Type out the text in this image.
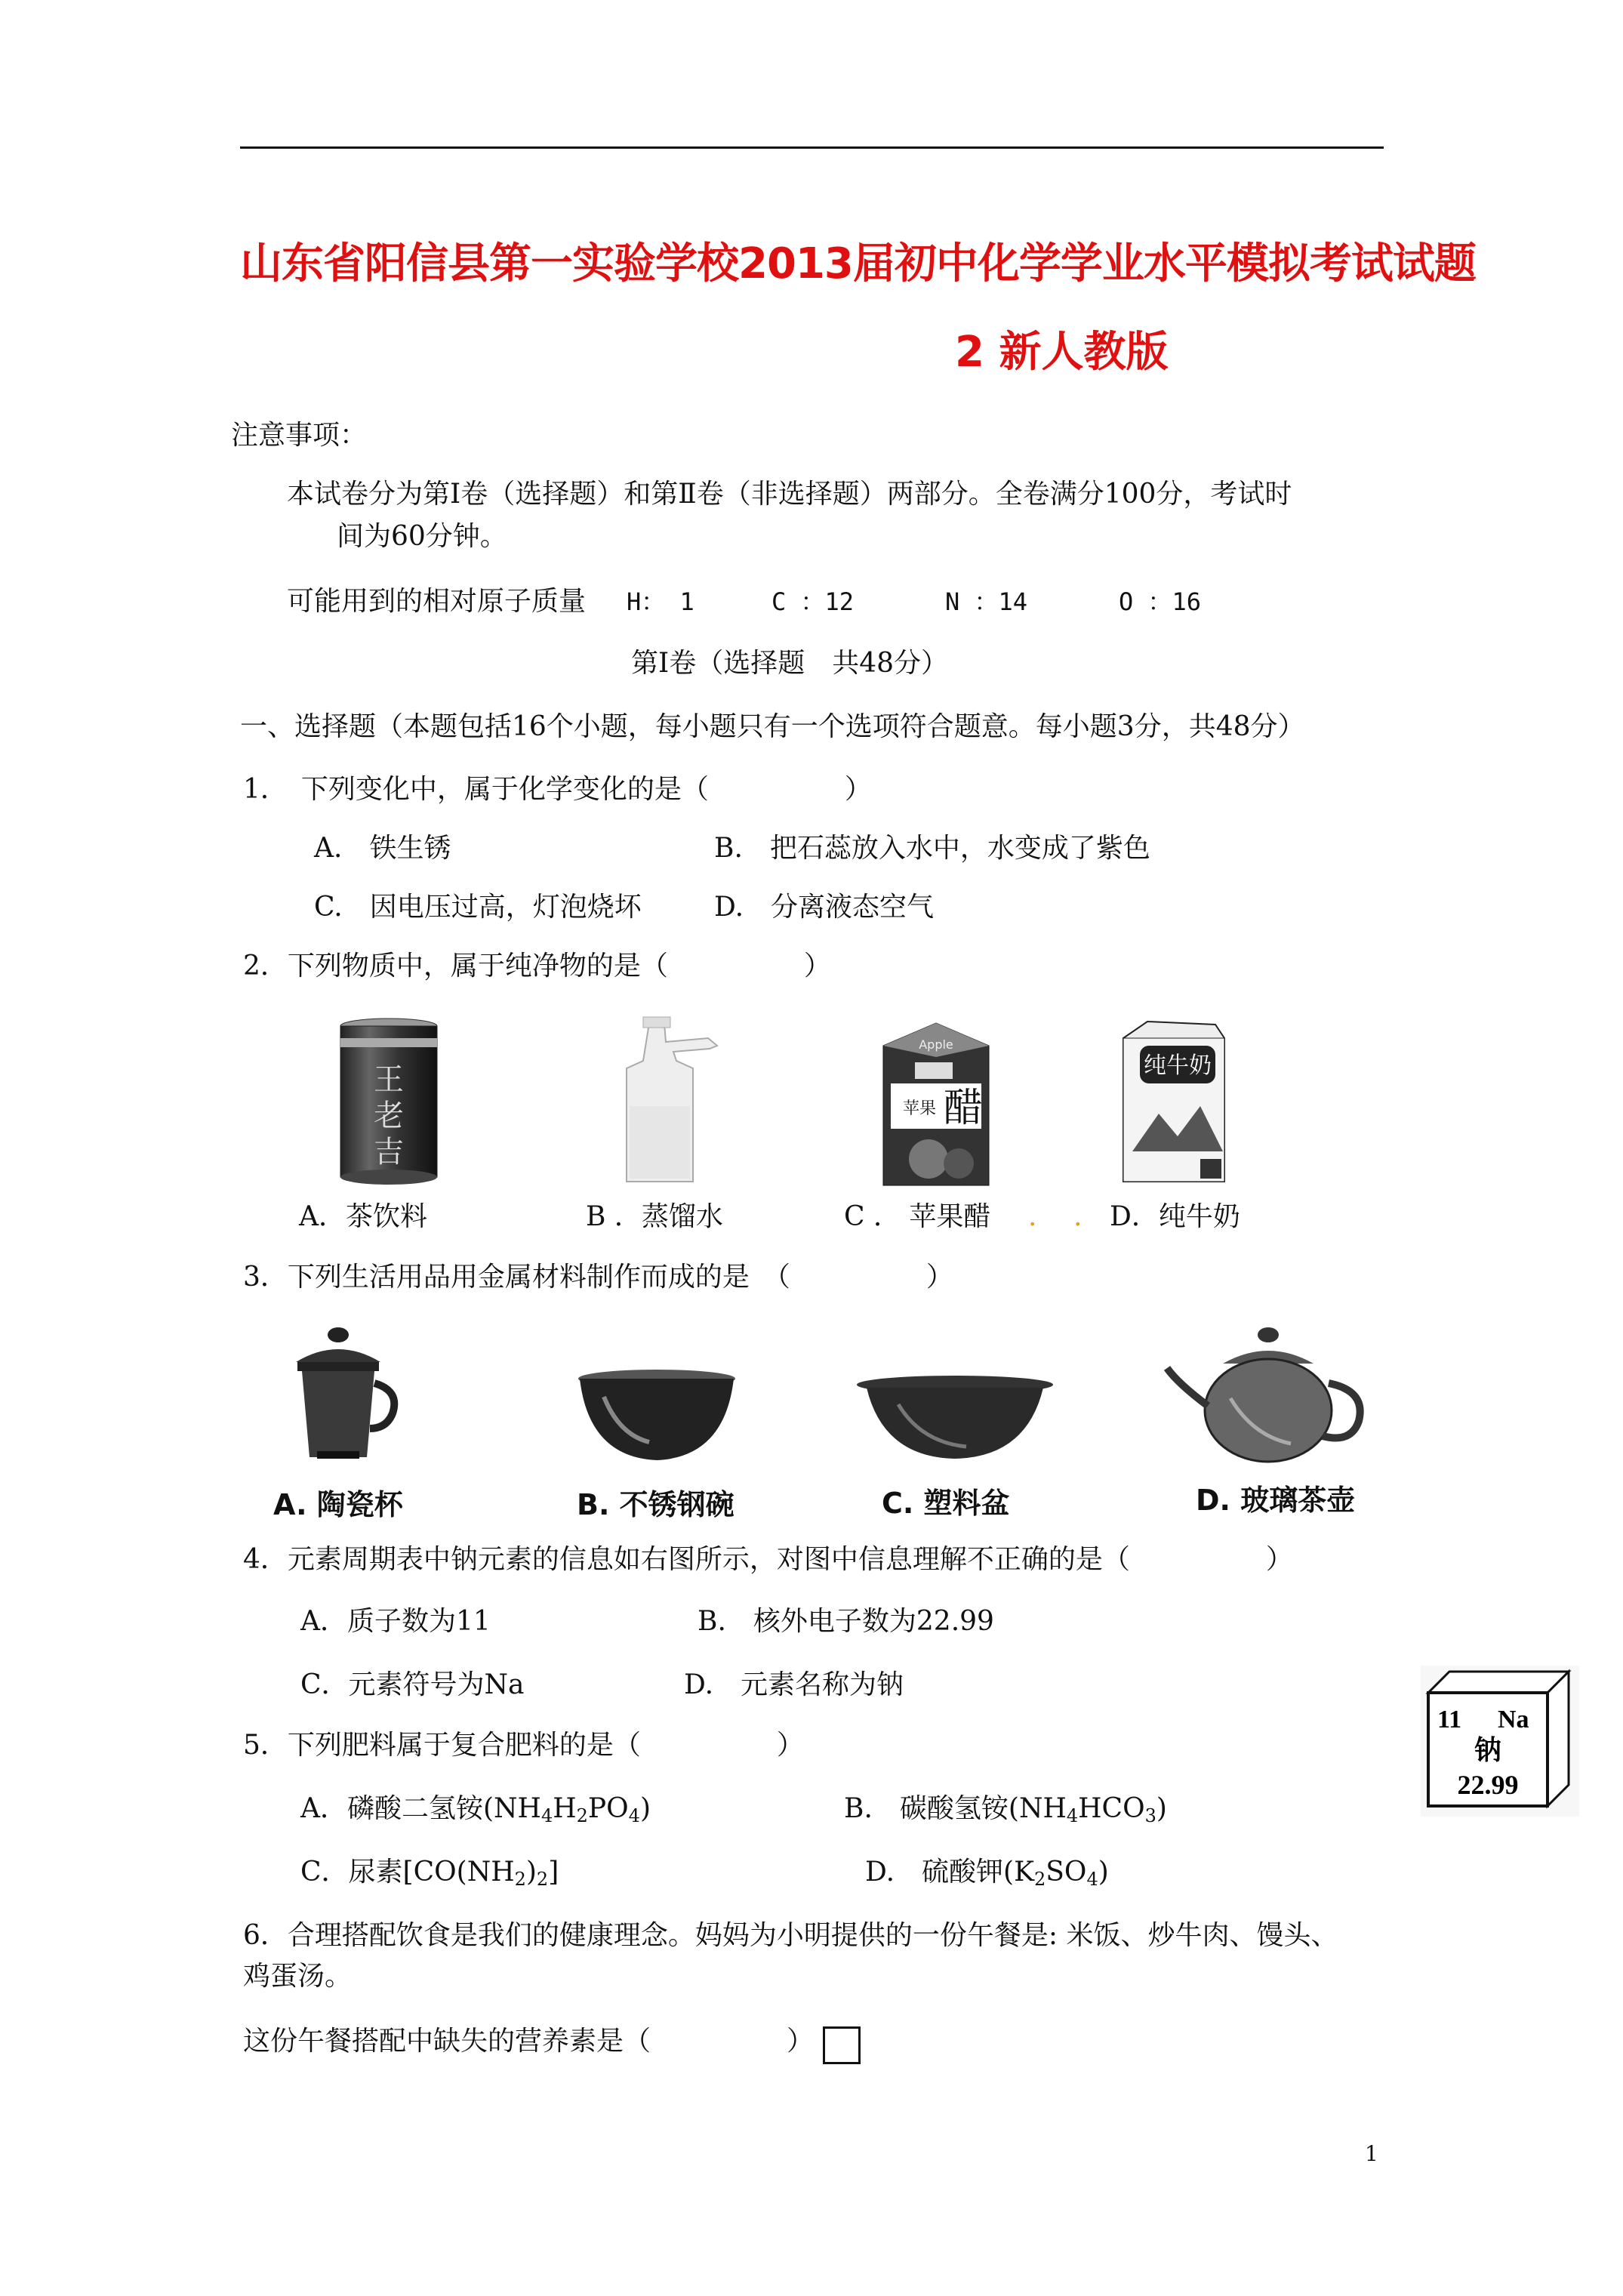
山东省阳信县第一实验学校2013届初中化学学业水平模拟考试试题
2 新人教版
注意事项：
本试卷分为第Ⅰ卷（选择题）和第Ⅱ卷（非选择题）两部分。全卷满分100分，考试时
间为60分钟。
可能用到的相对原子质量 H： 1	C ：12	N ：14	O ：16
第Ⅰ卷（选择题　共48分）
一、选择题（本题包括16个小题，每小题只有一个选项符合题意。每小题3分，共48分）
1．　下列变化中，属于化学变化的是（　　　　　）
A.　铁生锈	B.　把石蕊放入水中，水变成了紫色
C.　因电压过高，灯泡烧坏	D.　分离液态空气
2．下列物质中，属于纯净物的是（　　　　　）
王
老
吉
Apple
苹果 醋
纯牛奶
A．茶饮料	B ．蒸馏水	C ． 苹果醋 . . D．纯牛奶
3．下列生活用品用金属材料制作而成的是　（　　　　　）
A. 陶瓷杯	B. 不锈钢碗	C. 塑料盆	D. 玻璃茶壶
4．元素周期表中钠元素的信息如右图所示，对图中信息理解不正确的是（　　　　　）
A．质子数为11	B.　核外电子数为22.99
C．元素符号为Na	D.　元素名称为钠
11 Na
钠
22.99
5．下列肥料属于复合肥料的是（　　　　　）
A．磷酸二氢铵$(NH_4H_2PO_4)$	B.　碳酸氢铵$(NH_4HCO_3)$
C．尿素$[CO(NH_2)_2]$	D.　硫酸钾$(K_2SO_4)$
6．合理搭配饮食是我们的健康理念。妈妈为小明提供的一份午餐是: 米饭、炒牛肉、馒头、
鸡蛋汤。
这份午餐搭配中缺失的营养素是（　　　　　）
1
